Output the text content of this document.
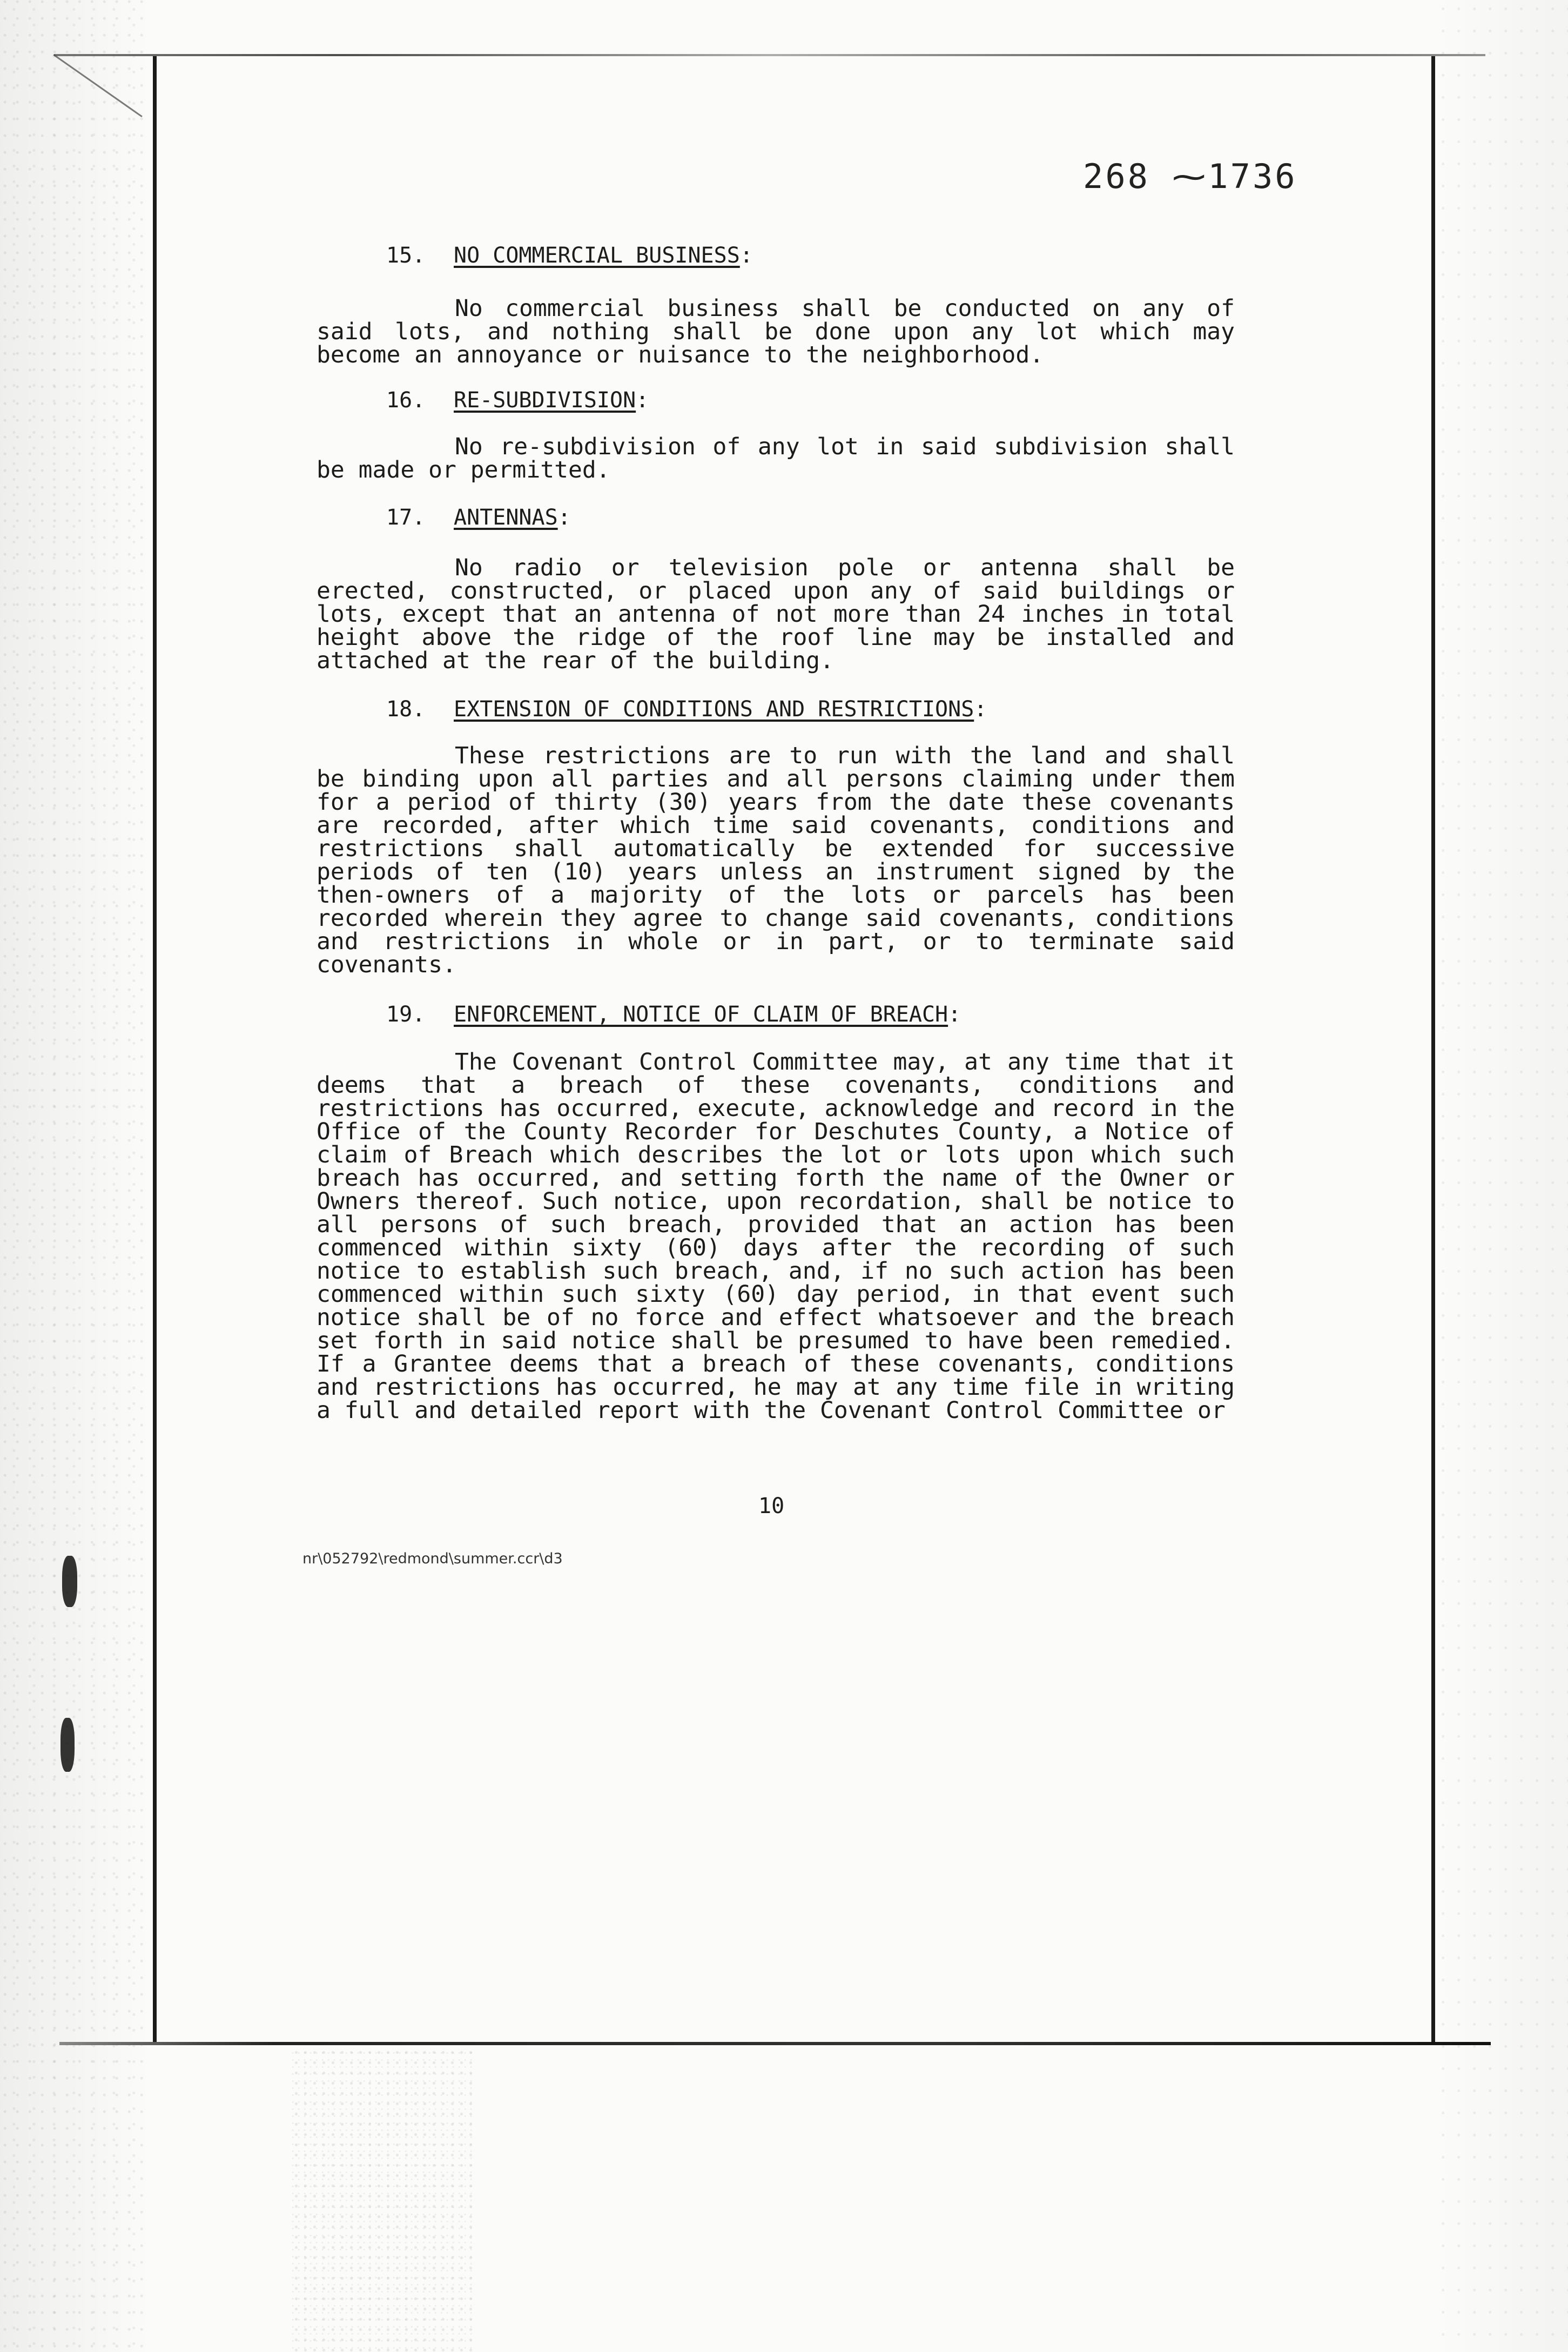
268 ⁓1736
15. NO COMMERCIAL BUSINESS:
No commercial business shall be conducted on any of said lots, and nothing shall be done upon any lot which may become an annoyance or nuisance to the neighborhood.
16. RE-SUBDIVISION:
No re-subdivision of any lot in said subdivision shall be made or permitted.
17. ANTENNAS:
No radio or television pole or antenna shall be erected, constructed, or placed upon any of said buildings or lots, except that an antenna of not more than 24 inches in total height above the ridge of the roof line may be installed and attached at the rear of the building.
18. EXTENSION OF CONDITIONS AND RESTRICTIONS:
These restrictions are to run with the land and shall be binding upon all parties and all persons claiming under them for a period of thirty (30) years from the date these covenants are recorded, after which time said covenants, conditions and restrictions shall automatically be extended for successive periods of ten (10) years unless an instrument signed by the then-owners of a majority of the lots or parcels has been recorded wherein they agree to change said covenants, conditions and restrictions in whole or in part, or to terminate said covenants.
19. ENFORCEMENT, NOTICE OF CLAIM OF BREACH:
The Covenant Control Committee may, at any time that it deems that a breach of these covenants, conditions and restrictions has occurred, execute, acknowledge and record in the Office of the County Recorder for Deschutes County, a Notice of claim of Breach which describes the lot or lots upon which such breach has occurred, and setting forth the name of the Owner or Owners thereof. Such notice, upon recordation, shall be notice to all persons of such breach, provided that an action has been commenced within sixty (60) days after the recording of such notice to establish such breach, and, if no such action has been commenced within such sixty (60) day period, in that event such notice shall be of no force and effect whatsoever and the breach set forth in said notice shall be presumed to have been remedied. If a Grantee deems that a breach of these covenants, conditions and restrictions has occurred, he may at any time file in writing a full and detailed report with the Covenant Control Committee or
10
nr\052792\redmond\summer.ccr\d3
